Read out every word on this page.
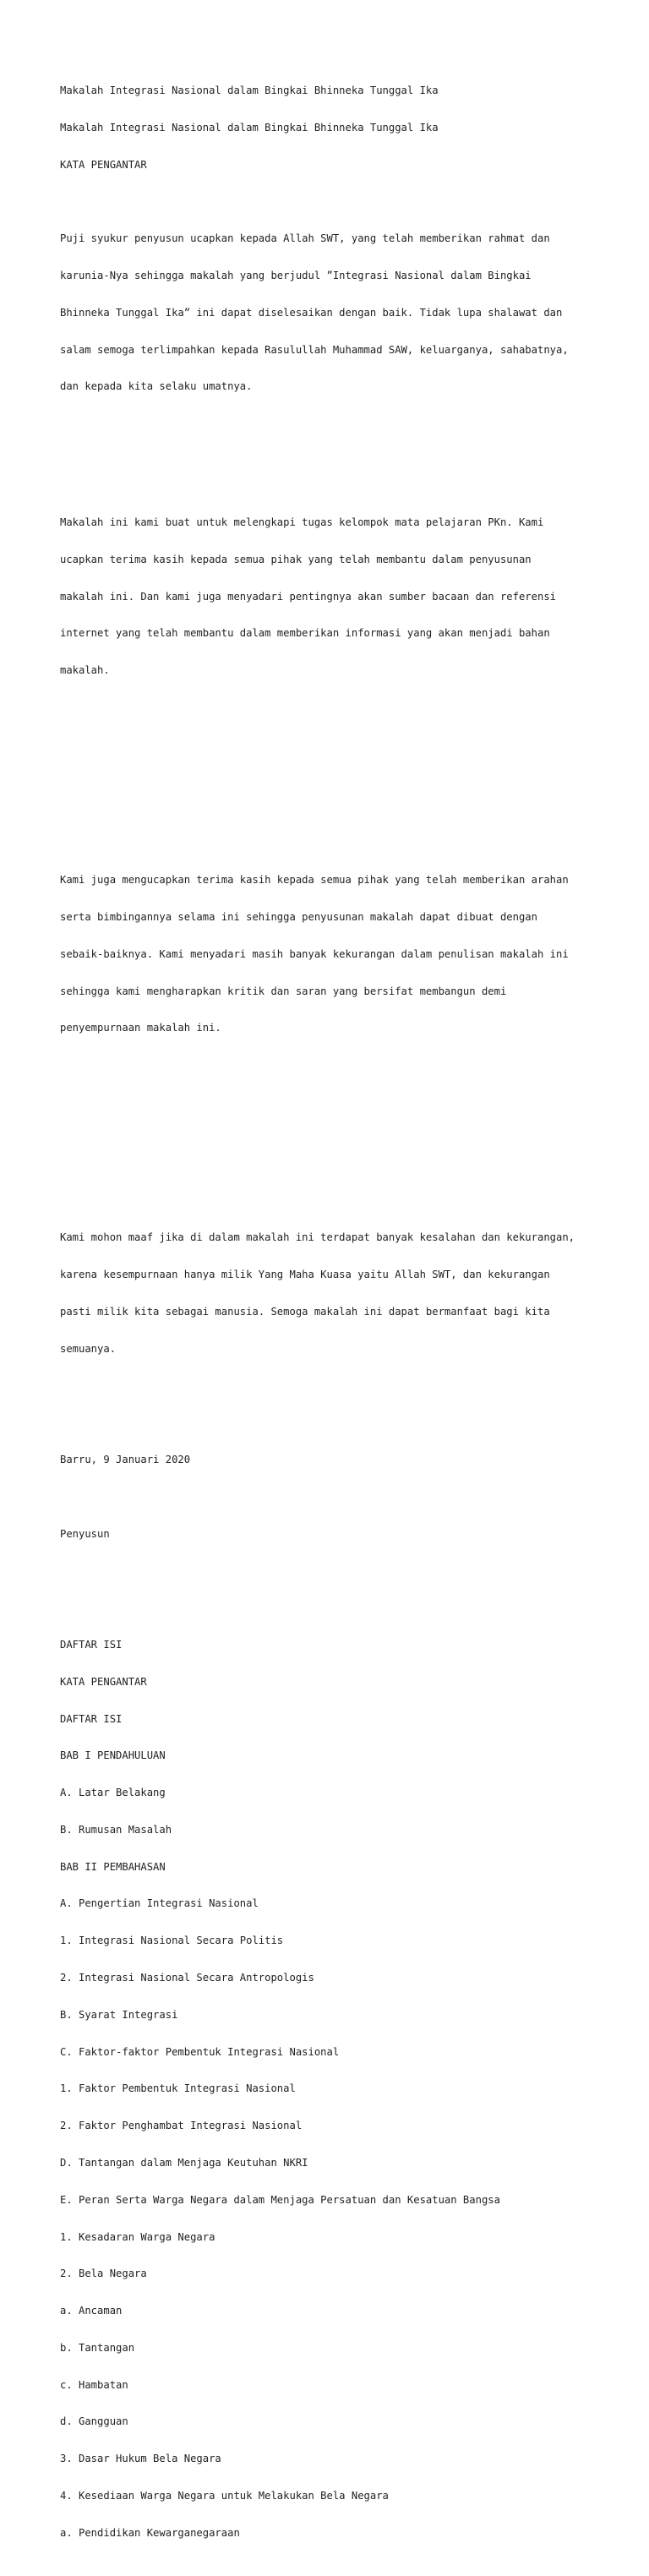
Makalah Integrasi Nasional dalam Bingkai Bhinneka Tunggal Ika

Makalah Integrasi Nasional dalam Bingkai Bhinneka Tunggal Ika

KATA PENGANTAR

Puji syukur penyusun ucapkan kepada Allah SWT, yang telah memberikan rahmat dan

karunia-Nya sehingga makalah yang berjudul ”Integrasi Nasional dalam Bingkai

Bhinneka Tunggal Ika” ini dapat diselesaikan dengan baik. Tidak lupa shalawat dan

salam semoga terlimpahkan kepada Rasulullah Muhammad SAW, keluarganya, sahabatnya,

dan kepada kita selaku umatnya.

Makalah ini kami buat untuk melengkapi tugas kelompok mata pelajaran PKn. Kami

ucapkan terima kasih kepada semua pihak yang telah membantu dalam penyusunan

makalah ini. Dan kami juga menyadari pentingnya akan sumber bacaan dan referensi

internet yang telah membantu dalam memberikan informasi yang akan menjadi bahan

makalah.

Kami juga mengucapkan terima kasih kepada semua pihak yang telah memberikan arahan

serta bimbingannya selama ini sehingga penyusunan makalah dapat dibuat dengan

sebaik-baiknya. Kami menyadari masih banyak kekurangan dalam penulisan makalah ini

sehingga kami mengharapkan kritik dan saran yang bersifat membangun demi

penyempurnaan makalah ini.

Kami mohon maaf jika di dalam makalah ini terdapat banyak kesalahan dan kekurangan,

karena kesempurnaan hanya milik Yang Maha Kuasa yaitu Allah SWT, dan kekurangan

pasti milik kita sebagai manusia. Semoga makalah ini dapat bermanfaat bagi kita

semuanya.

Barru, 9 Januari 2020

Penyusun

DAFTAR ISI

KATA PENGANTAR

DAFTAR ISI

BAB I PENDAHULUAN

A. Latar Belakang

B. Rumusan Masalah

BAB II PEMBAHASAN

A. Pengertian Integrasi Nasional

1. Integrasi Nasional Secara Politis

2. Integrasi Nasional Secara Antropologis

B. Syarat Integrasi

C. Faktor-faktor Pembentuk Integrasi Nasional

1. Faktor Pembentuk Integrasi Nasional

2. Faktor Penghambat Integrasi Nasional

D. Tantangan dalam Menjaga Keutuhan NKRI

E. Peran Serta Warga Negara dalam Menjaga Persatuan dan Kesatuan Bangsa

1. Kesadaran Warga Negara

2. Bela Negara

a. Ancaman

b. Tantangan

c. Hambatan

d. Gangguan

3. Dasar Hukum Bela Negara

4. Kesediaan Warga Negara untuk Melakukan Bela Negara

a. Pendidikan Kewarganegaraan
